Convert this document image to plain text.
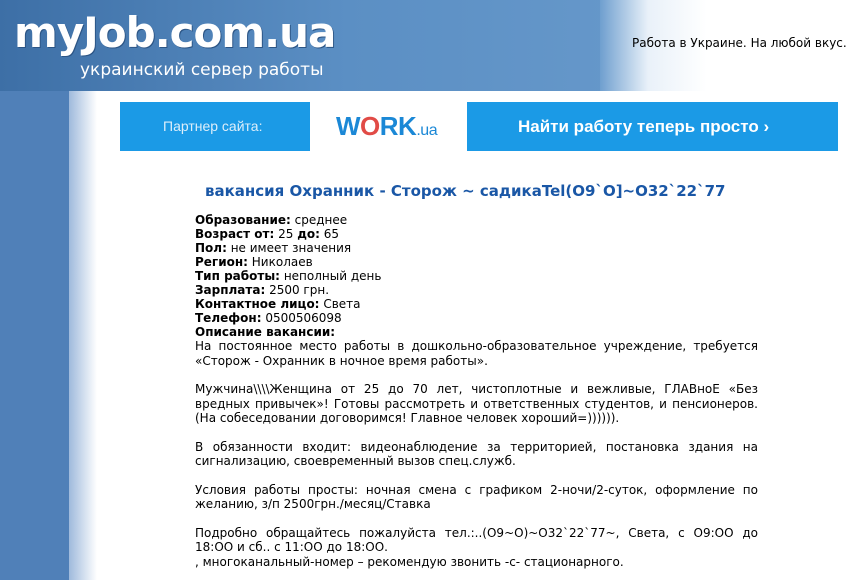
myJob.com.ua
украинский сервер работы
Работа в Украине. На любой вкус.
Партнер сайта:	WORK.ua	Найти работу теперь просто ›
вакансия Охранник - Сторож ~ садикаTel(О9`О]~О32`22`77
Образование: среднее
Возраст от: 25 до: 65
Пол: не имеет значения
Регион: Николаев
Тип работы: неполный день
Зарплата: 2500 грн.
Контактное лицо: Света
Телефон: 0500506098
Описание вакансии:

На постоянное место работы в дошкольно-образовательное учреждение, требуется «Сторож - Охранник в ночное время работы».

Мужчина\\\\Женщина от 25 до 70 лет, чистоплотные и вежливые, ГЛАВноЕ «Без вредных привычек»! Готовы рассмотреть и ответственных студентов, и пенсионеров. (На собеседовании договоримся! Главное человек хороший=)))))).

В обязанности входит: видеонаблюдение за территорией, постановка здания на сигнализацию, своевременный вызов спец.служб.

Условия работы просты: ночная смена с графиком 2-ночи/2-суток, оформление по желанию, з/п 2500грн./месяц/Ставка

Подробно обращайтесь пожалуйста тел.:..(О9~О)~О32`22`77~, Света, с О9:ОО до 18:ОО и сб.. с 11:ОО до 18:ОО.
, многоканальный-номер – рекомендую звонить -с- стационарного.
